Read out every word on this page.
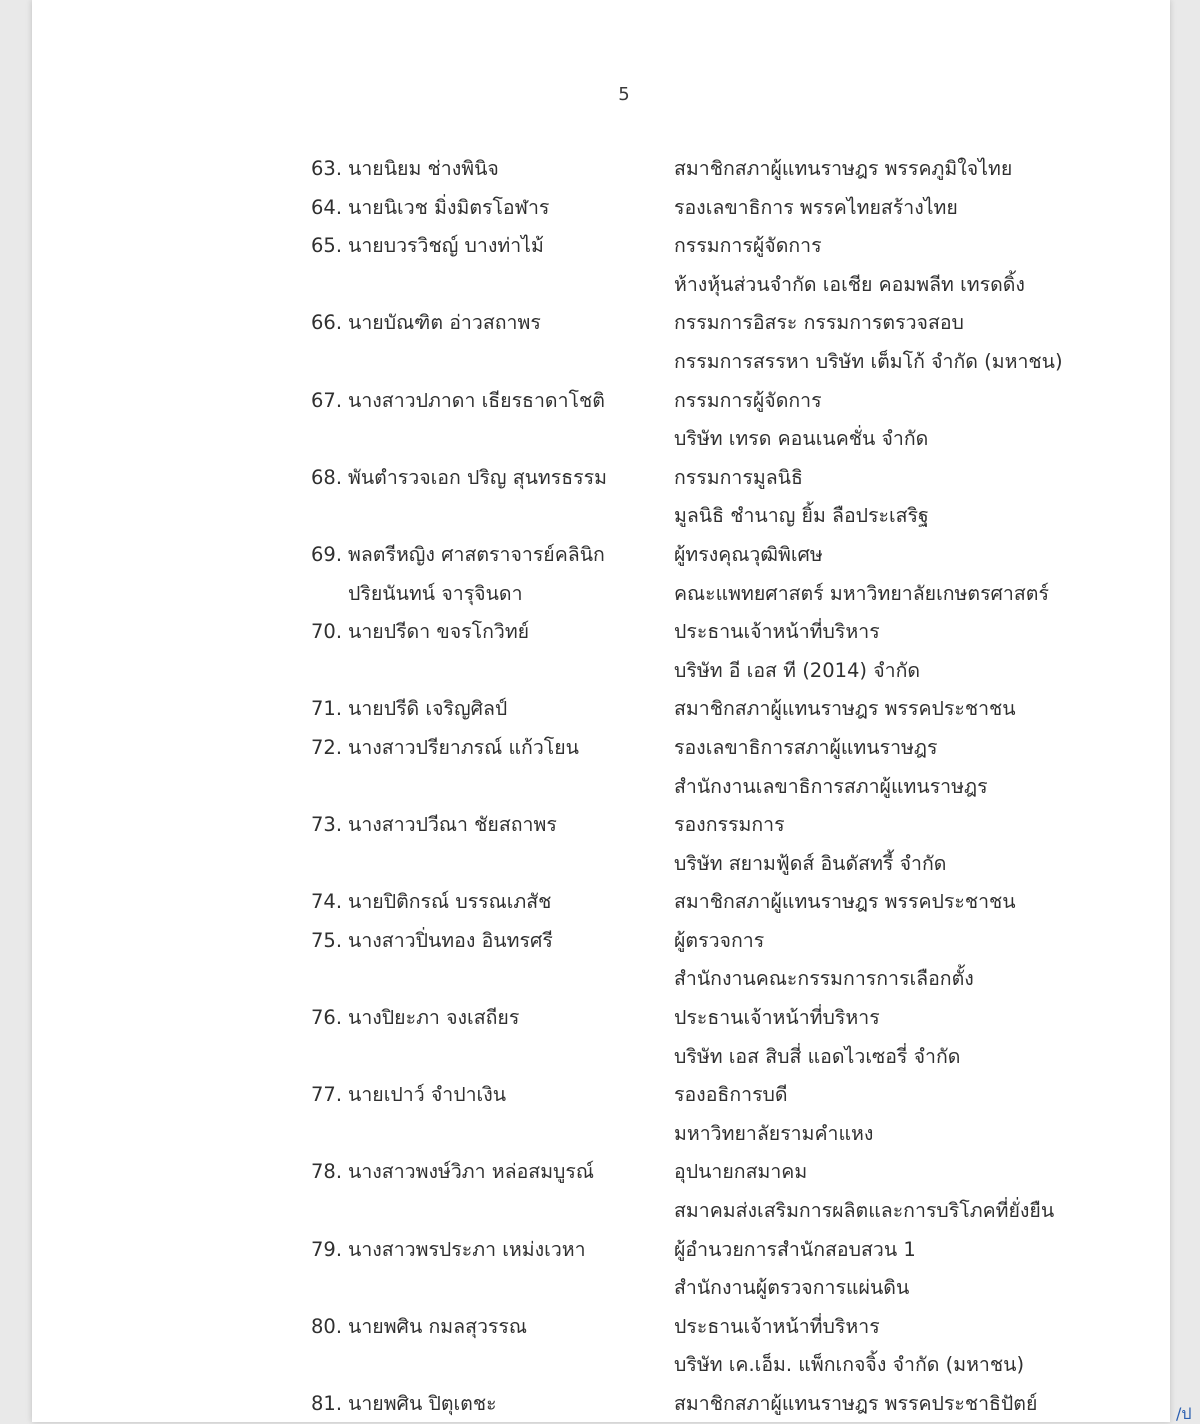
5
63. นายนิยม ช่างพินิจ	สมาชิกสภาผู้แทนราษฎร พรรคภูมิใจไทย
64. นายนิเวช มิ่งมิตรโอฬาร	รองเลขาธิการ พรรคไทยสร้างไทย
65. นายบวรวิชญ์ บางท่าไม้	กรรมการผู้จัดการ
ห้างหุ้นส่วนจำกัด เอเชีย คอมพลีท เทรดดิ้ง
66. นายบัณฑิต อ่าวสถาพร	กรรมการอิสระ กรรมการตรวจสอบ
กรรมการสรรหา บริษัท เต็มโก้ จำกัด (มหาชน)
67. นางสาวปภาดา เธียรธาดาโชติ	กรรมการผู้จัดการ
บริษัท เทรด คอนเนคชั่น จำกัด
68. พันตำรวจเอก ปริญ สุนทรธรรม	กรรมการมูลนิธิ
มูลนิธิ ชำนาญ ยิ้ม ลือประเสริฐ
69. พลตรีหญิง ศาสตราจารย์คลินิก	ผู้ทรงคุณวุฒิพิเศษ
ปริยนันทน์ จารุจินดา	คณะแพทยศาสตร์ มหาวิทยาลัยเกษตรศาสตร์
70. นายปรีดา ขจรโกวิทย์	ประธานเจ้าหน้าที่บริหาร
บริษัท อี เอส ที (2014) จำกัด
71. นายปรีดิ เจริญศิลป์	สมาชิกสภาผู้แทนราษฎร พรรคประชาชน
72. นางสาวปรียาภรณ์ แก้วโยน	รองเลขาธิการสภาผู้แทนราษฎร
สำนักงานเลขาธิการสภาผู้แทนราษฎร
73. นางสาวปวีณา ชัยสถาพร	รองกรรมการ
บริษัท สยามฟู้ดส์ อินดัสทรี้ จำกัด
74. นายปิติกรณ์ บรรณเภสัช	สมาชิกสภาผู้แทนราษฎร พรรคประชาชน
75. นางสาวปิ่นทอง อินทรศรี	ผู้ตรวจการ
สำนักงานคณะกรรมการการเลือกตั้ง
76. นางปิยะภา จงเสถียร	ประธานเจ้าหน้าที่บริหาร
บริษัท เอส สิบสี่ แอดไวเซอรี่ จำกัด
77. นายเปาว์ จำปาเงิน	รองอธิการบดี
มหาวิทยาลัยรามคำแหง
78. นางสาวพงษ์วิภา หล่อสมบูรณ์	อุปนายกสมาคม
สมาคมส่งเสริมการผลิตและการบริโภคที่ยั่งยืน
79. นางสาวพรประภา เหม่งเวหา	ผู้อำนวยการสำนักสอบสวน 1
สำนักงานผู้ตรวจการแผ่นดิน
80. นายพศิน กมลสุวรรณ	ประธานเจ้าหน้าที่บริหาร
บริษัท เค.เอ็ม. แพ็กเกจจิ้ง จำกัด (มหาชน)
81. นายพศิน ปิตุเตชะ	สมาชิกสภาผู้แทนราษฎร พรรคประชาธิปัตย์	/ป
